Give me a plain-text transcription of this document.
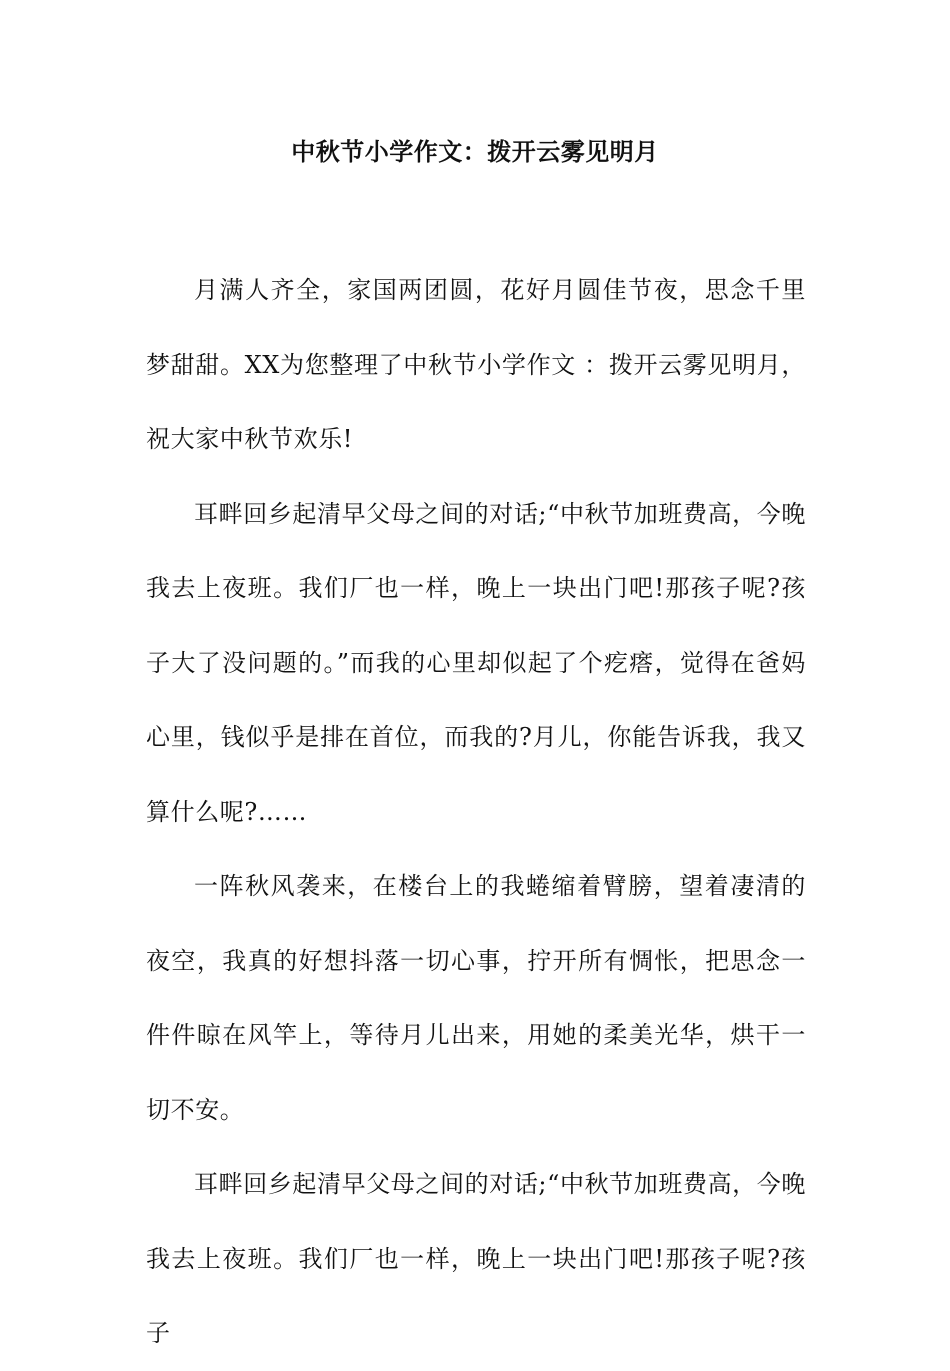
中秋节小学作文：拨开云雾见明月

月满人齐全，家国两团圆，花好月圆佳节夜，思念千里梦甜甜。XX为您整理了中秋节小学作文 ：拨开云雾见明月，祝大家中秋节欢乐!

耳畔回乡起清早父母之间的对话;“中秋节加班费高，今晚我去上夜班。我们厂也一样，晚上一块出门吧!那孩子呢?孩子大了没问题的。”而我的心里却似起了个疙瘩，觉得在爸妈心里，钱似乎是排在首位，而我的?月儿，你能告诉我，我又算什么呢?……

一阵秋风袭来，在楼台上的我蜷缩着臂膀，望着凄清的夜空，我真的好想抖落一切心事，拧开所有惆怅，把思念一件件晾在风竿上，等待月儿出来，用她的柔美光华，烘干一切不安。

耳畔回乡起清早父母之间的对话;“中秋节加班费高，今晚我去上夜班。我们厂也一样，晚上一块出门吧!那孩子呢?孩子
